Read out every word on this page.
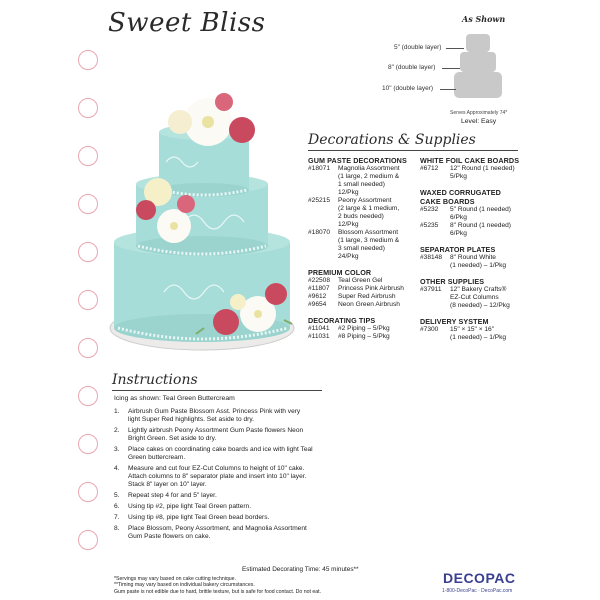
Sweet Bliss	As Shown
5" (double layer)
8" (double layer)
10" (double layer)
Serves Approximately 74*
Level: Easy
Decorations & Supplies
GUM PASTE DECORATIONS
#18071	Magnolia Assortment
(1 large, 2 medium &
1 small needed)
12/Pkg
#25215	Peony Assortment
(2 large & 1 medium,
2 buds needed)
12/Pkg
#18070	Blossom Assortment
(1 large, 3 medium &
3 small needed)
24/Pkg
PREMIUM COLOR
#22508	Teal Green Gel
#11807	Princess Pink Airbrush
#9612	Super Red Airbrush
#9654	Neon Green Airbrush
DECORATING TIPS
#11041	#2 Piping – 5/Pkg
#11031	#8 Piping – 5/Pkg
WHITE FOIL CAKE BOARDS
#6712	12" Round (1 needed)
5/Pkg
WAXED CORRUGATED
CAKE BOARDS
#5232	5" Round (1 needed)
6/Pkg
#5235	8" Round (1 needed)
6/Pkg
SEPARATOR PLATES
#38148	8" Round White
(1 needed) – 1/Pkg
OTHER SUPPLIES
#37911	12" Bakery Crafts®
EZ-Cut Columns
(8 needed) – 12/Pkg
DELIVERY SYSTEM
#7300	15" × 15" × 16"
(1 needed) – 1/Pkg
Instructions
Icing as shown: Teal Green Buttercream
1.	Airbrush Gum Paste Blossom Asst. Princess Pink with very light Super Red highlights. Set aside to dry.
2.	Lightly airbrush Peony Assortment Gum Paste flowers Neon Bright Green. Set aside to dry.
3.	Place cakes on coordinating cake boards and ice with light Teal Green buttercream.
4.	Measure and cut four EZ-Cut Columns to height of 10" cake. Attach columns to 8" separator plate and insert into 10" layer. Stack 8" layer on 10" layer.
5.	Repeat step 4 for and 5" layer.
6.	Using tip #2, pipe light Teal Green pattern.
7.	Using tip #8, pipe light Teal Green bead borders.
8.	Place Blossom, Peony Assortment, and Magnolia Assortment Gum Paste flowers on cake.
Estimated Decorating Time: 45 minutes**
*Servings may vary based on cake cutting technique.
**Timing may vary based on individual bakery circumstances.
Gum paste is not edible due to hard, brittle texture, but is safe for food contact. Do not eat.
DECOPAC
1-800-DecoPac · DecoPac.com
